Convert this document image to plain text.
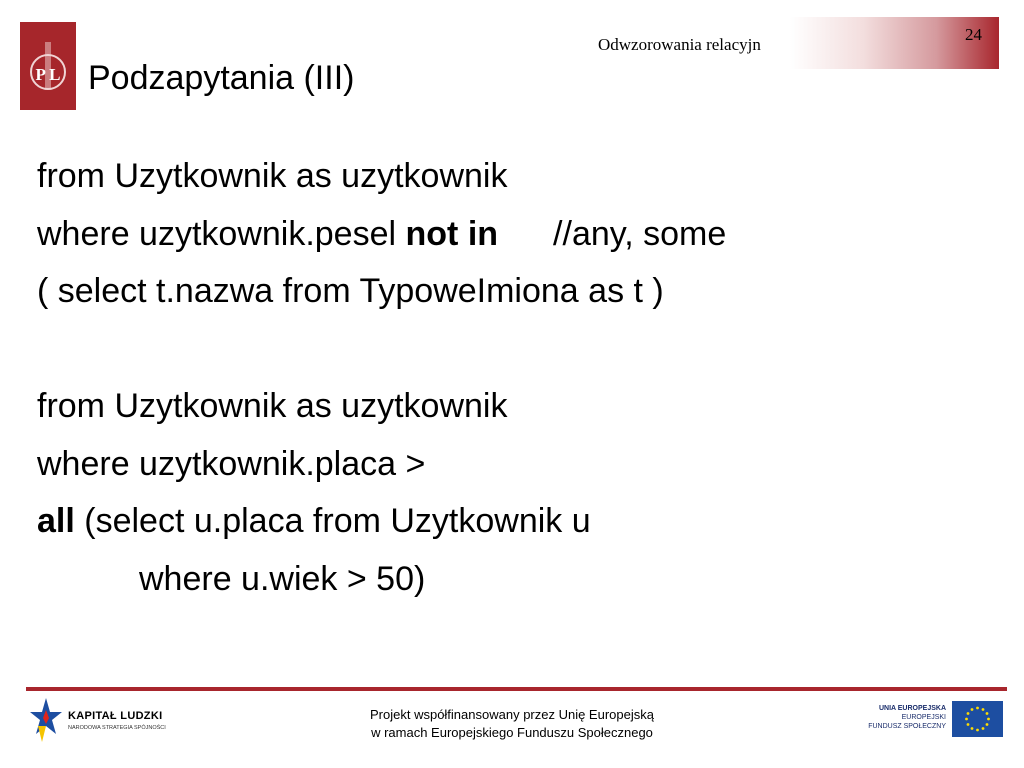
P L Podzapytania (III)
Odwzorowania relacyjn
24
from Uzytkownik as uzytkownik
where uzytkownik.pesel not in //any, some
( select t.nazwa from TypoweImiona as t )
from Uzytkownik as uzytkownik
where uzytkownik.placa >
all (select u.placa from Uzytkownik u
where u.wiek > 50)
KAPITAŁ LUDZKI
NARODOWA STRATEGIA SPÓJNOŚCI
Projekt współfinansowany przez Unię Europejską
w ramach Europejskiego Funduszu Społecznego
UNIA EUROPEJSKA
EUROPEJSKI
FUNDUSZ SPOŁECZNY
